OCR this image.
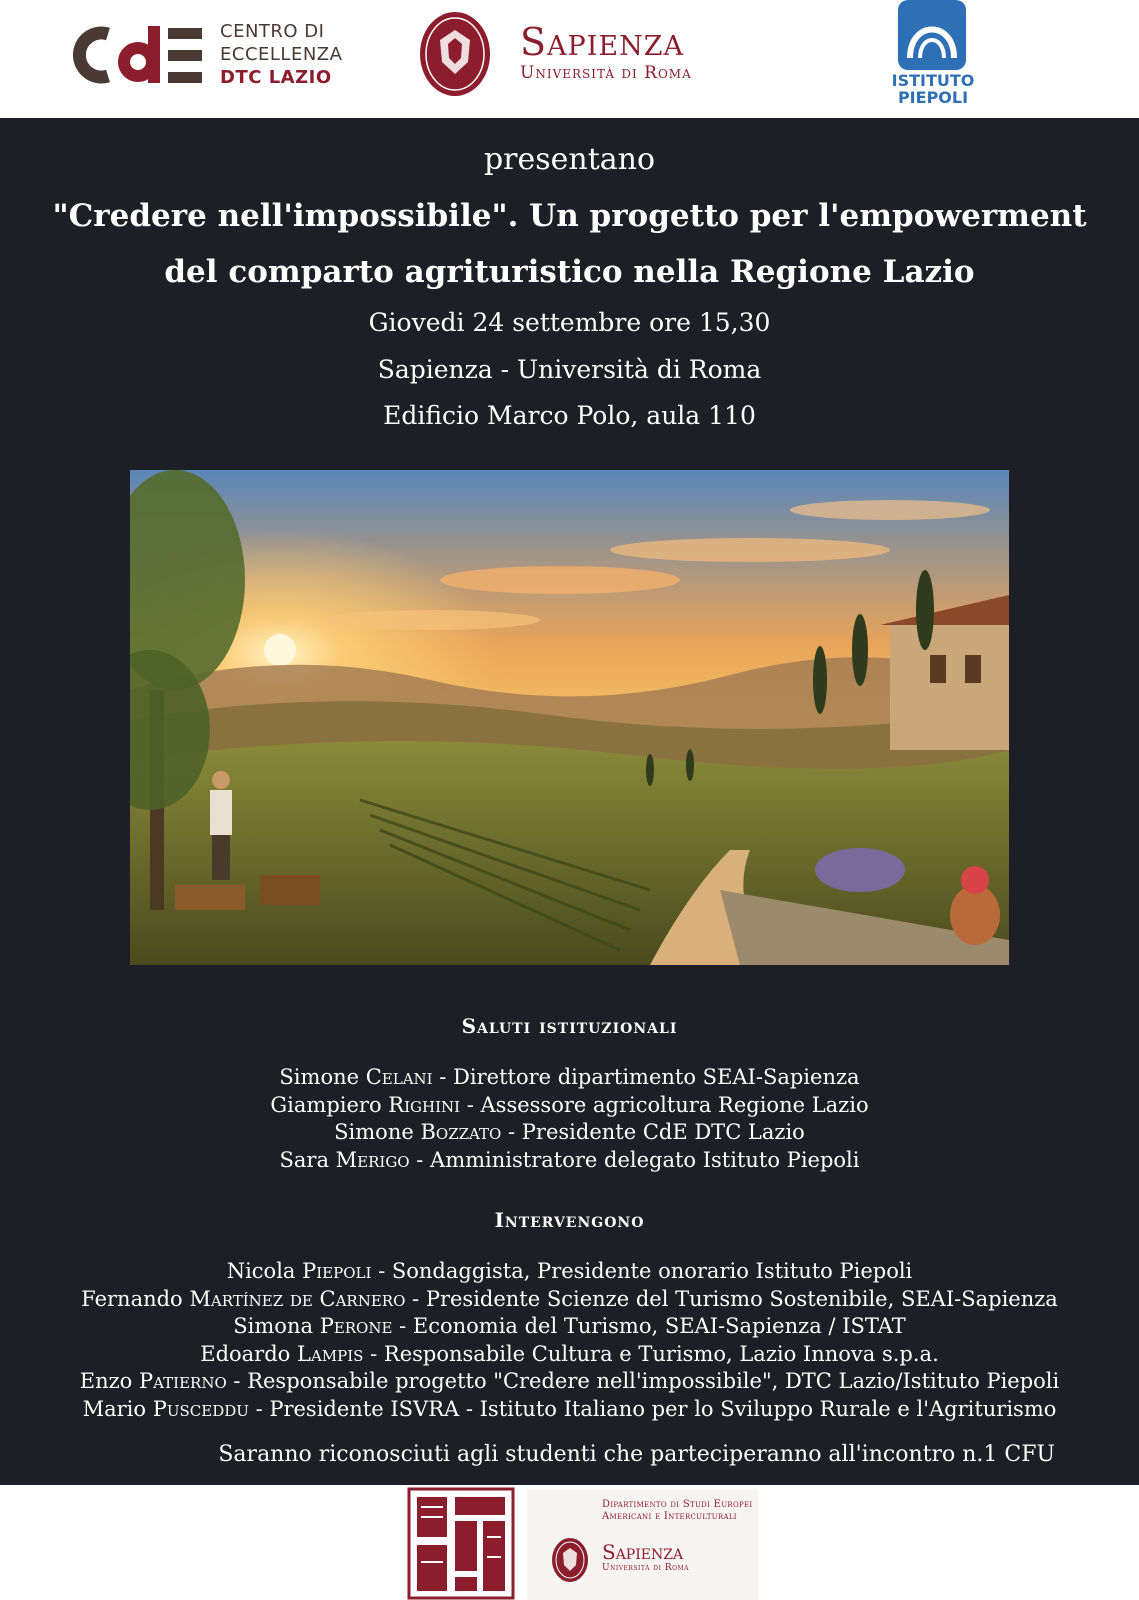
CENTRO DI
ECCELLENZA
DTC LAZIO
Sapienza
Università di Roma	ISTITUTO
PIEPOLI
presentano
"Credere nell'impossibile". Un progetto per l'empowerment
del comparto agrituristico nella Regione Lazio
Giovedi 24 settembre ore 15,30
Sapienza - Università di Roma
Edificio Marco Polo, aula 110
Saluti istituzionali
Simone Celani - Direttore dipartimento SEAI-Sapienza
Giampiero Righini - Assessore agricoltura Regione Lazio
Simone Bozzato - Presidente CdE DTC Lazio
Sara Merigo - Amministratore delegato Istituto Piepoli
Intervengono
Nicola Piepoli - Sondaggista, Presidente onorario Istituto Piepoli
Fernando Martínez de Carnero - Presidente Scienze del Turismo Sostenibile, SEAI-Sapienza
Simona Perone - Economia del Turismo, SEAI-Sapienza / ISTAT
Edoardo Lampis - Responsabile Cultura e Turismo, Lazio Innova s.p.a.
Enzo Patierno - Responsabile progetto "Credere nell'impossibile", DTC Lazio/Istituto Piepoli
Mario Pusceddu - Presidente ISVRA - Istituto Italiano per lo Sviluppo Rurale e l'Agriturismo
Saranno riconosciuti agli studenti che parteciperanno all'incontro n.1 CFU
Dipartimento di Studi Europei
Americani e Interculturali
Sapienza
Università di Roma
